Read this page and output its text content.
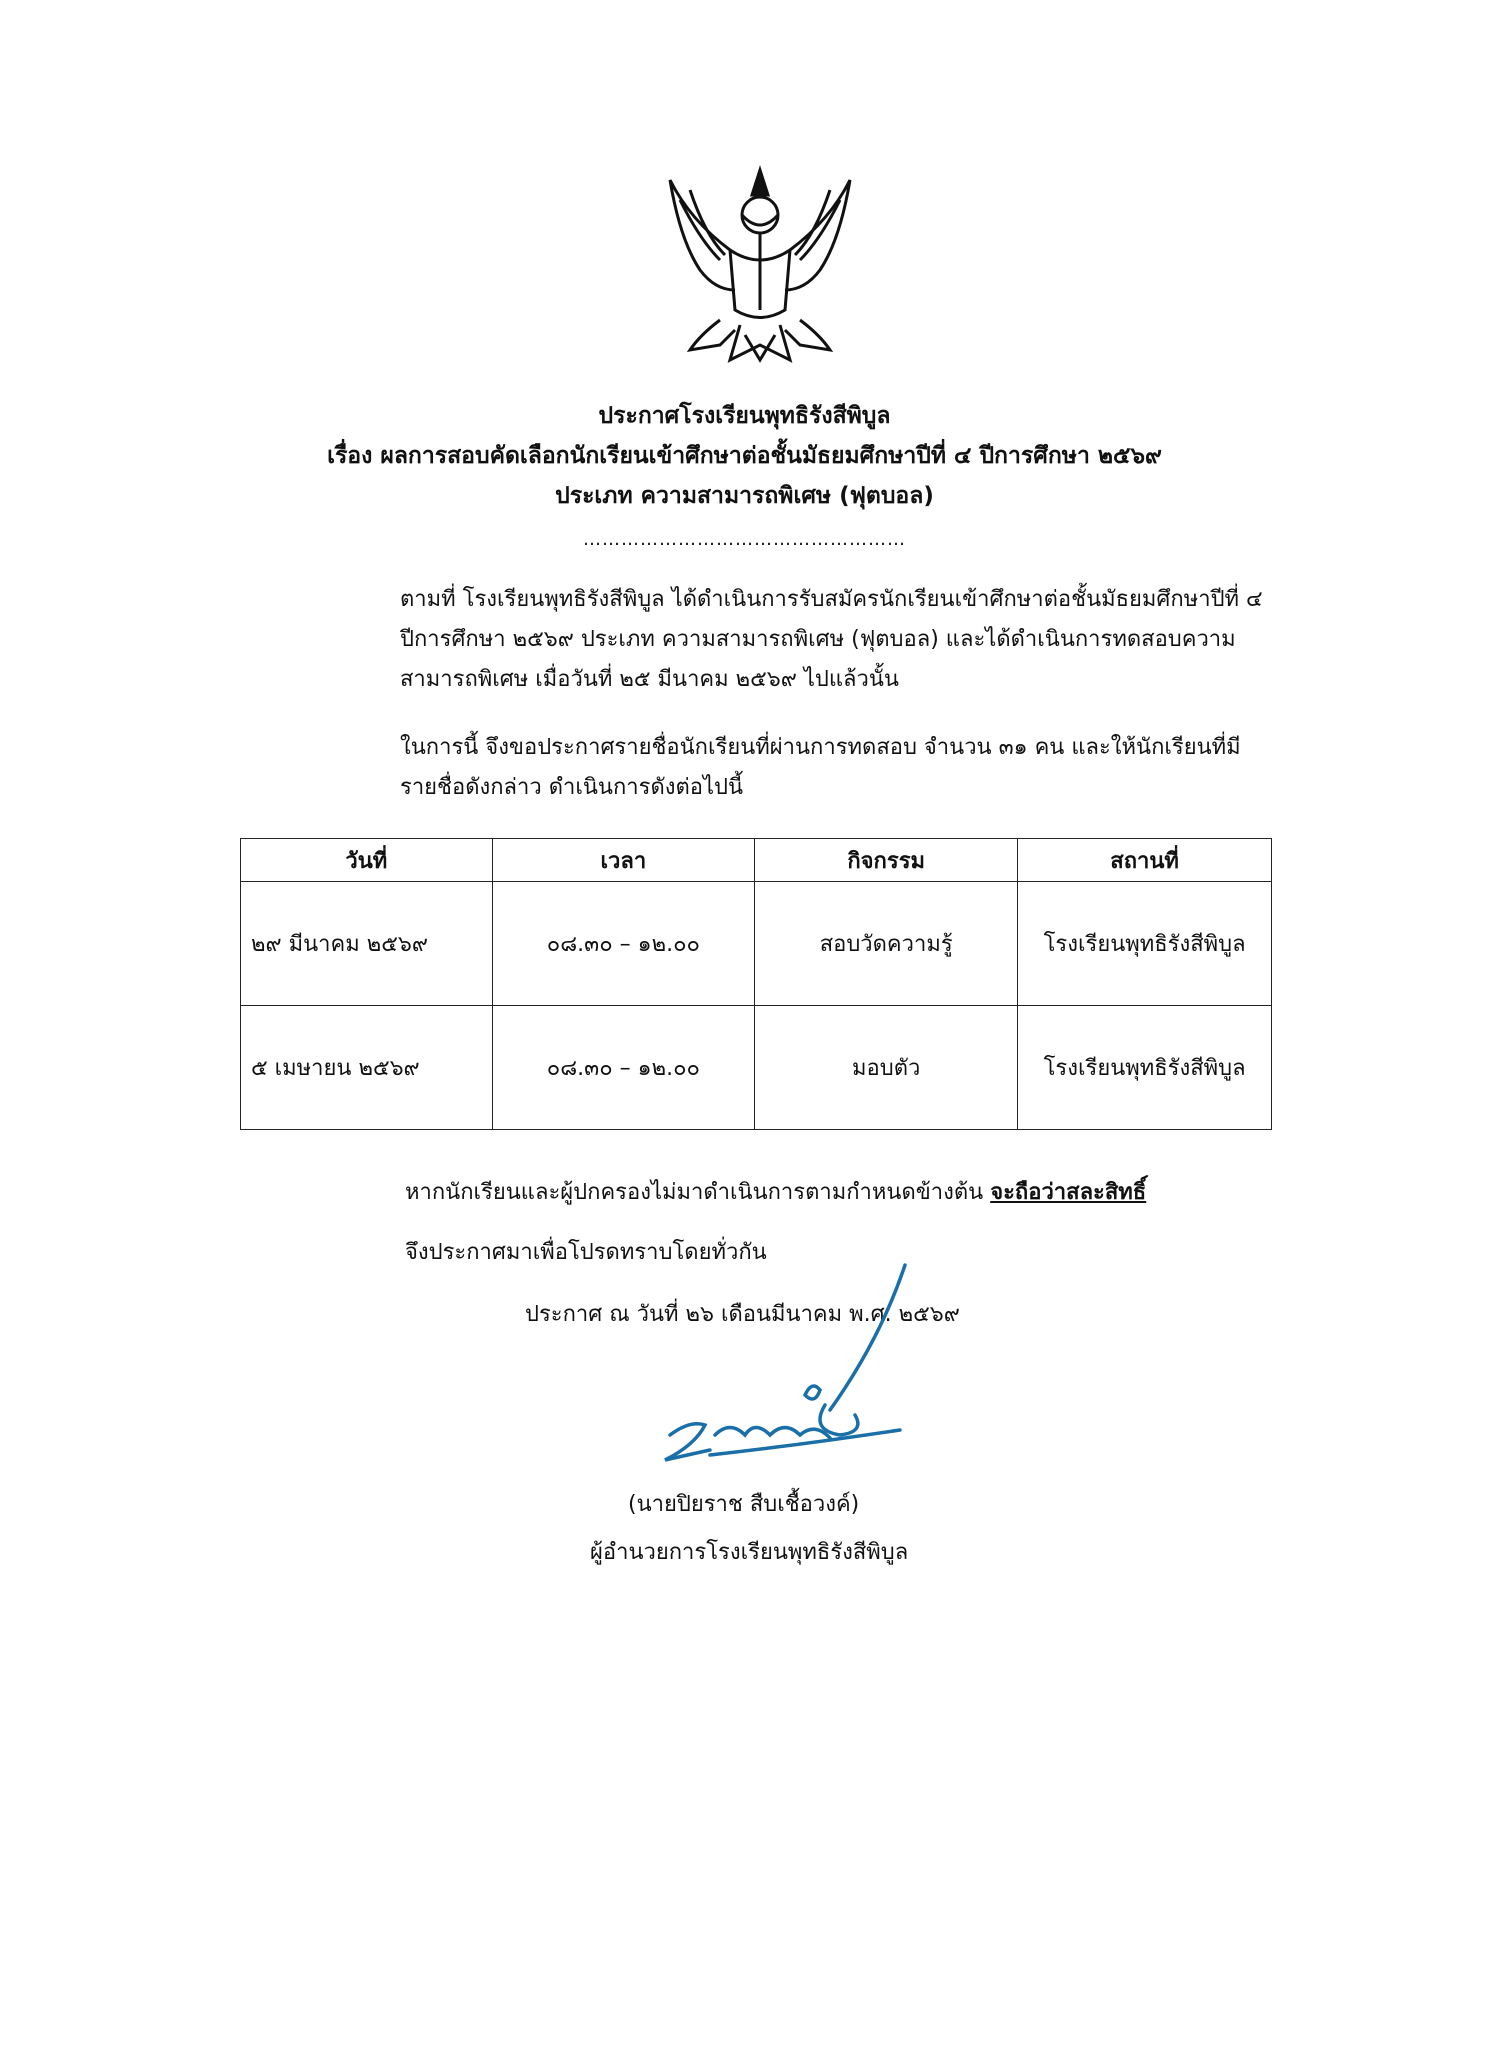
ประกาศโรงเรียนพุทธิรังสีพิบูล
เรื่อง ผลการสอบคัดเลือกนักเรียนเข้าศึกษาต่อชั้นมัธยมศึกษาปีที่ ๔ ปีการศึกษา ๒๕๖๙
ประเภท ความสามารถพิเศษ (ฟุตบอล)
……………………………………………

ตามที่ โรงเรียนพุทธิรังสีพิบูล ได้ดำเนินการรับสมัครนักเรียนเข้าศึกษาต่อชั้นมัธยมศึกษาปีที่ ๔ ปีการศึกษา ๒๕๖๙ ประเภท ความสามารถพิเศษ (ฟุตบอล) และได้ดำเนินการทดสอบความสามารถพิเศษ เมื่อวันที่ ๒๕ มีนาคม ๒๕๖๙ ไปแล้วนั้น

ในการนี้ จึงขอประกาศรายชื่อนักเรียนที่ผ่านการทดสอบ จำนวน ๓๑ คน และให้นักเรียนที่มีรายชื่อดังกล่าว ดำเนินการดังต่อไปนี้

วันที่	เวลา	กิจกรรม	สถานที่
๒๙ มีนาคม ๒๕๖๙	๐๘.๓๐ – ๑๒.๐๐	สอบวัดความรู้	โรงเรียนพุทธิรังสีพิบูล
๕ เมษายน ๒๕๖๙	๐๘.๓๐ – ๑๒.๐๐	มอบตัว	โรงเรียนพุทธิรังสีพิบูล
หากนักเรียนและผู้ปกครองไม่มาดำเนินการตามกำหนดข้างต้น จะถือว่าสละสิทธิ์
จึงประกาศมาเพื่อโปรดทราบโดยทั่วกัน
ประกาศ ณ วันที่ ๒๖ เดือนมีนาคม พ.ศ. ๒๕๖๙
(นายปิยราช สืบเชื้อวงค์)
ผู้อำนวยการโรงเรียนพุทธิรังสีพิบูล
